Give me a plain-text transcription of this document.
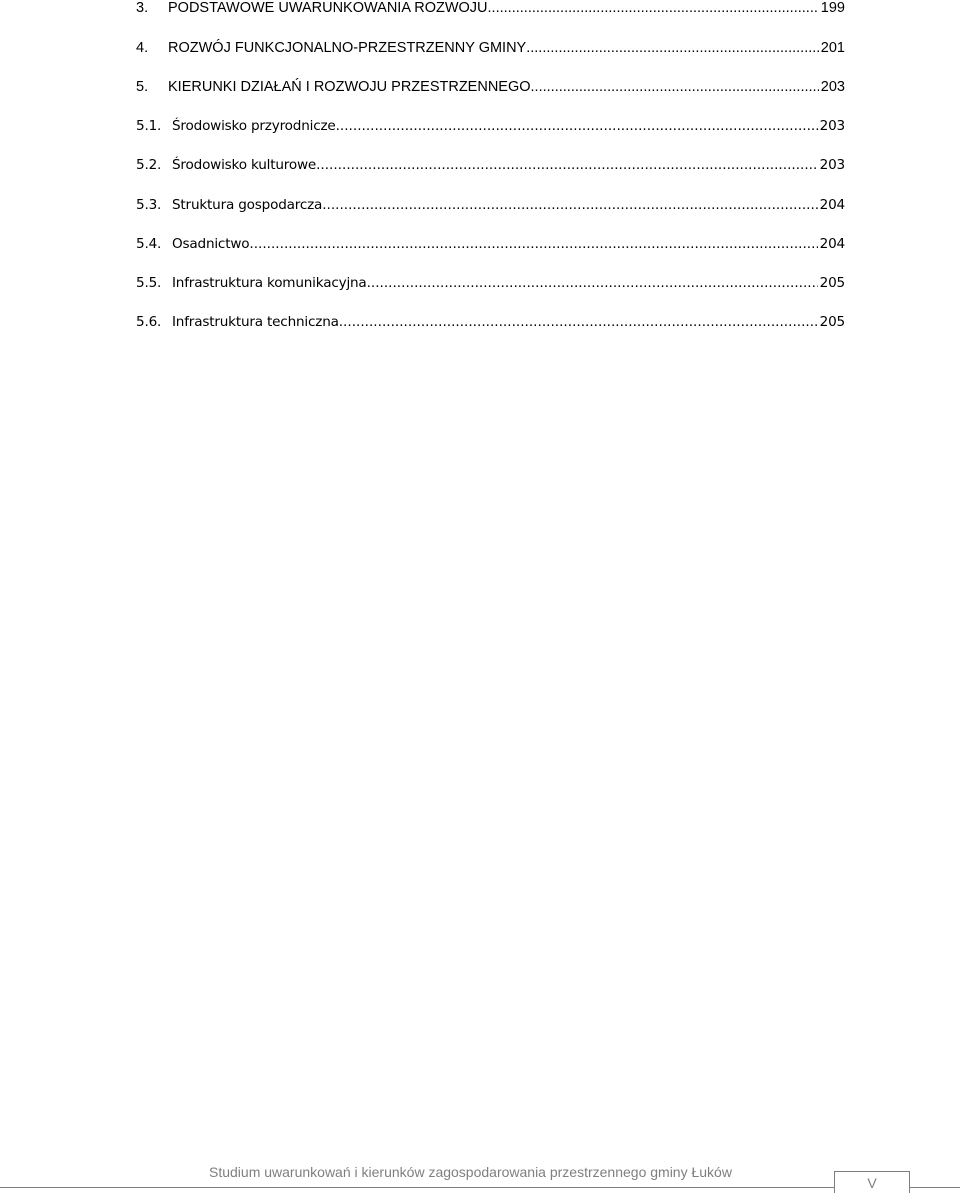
3.	PODSTAWOWE UWARUNKOWANIA ROZWOJU .....	199
4.	ROZWÓJ FUNKCJONALNO-PRZESTRZENNY GMINY .....	201
5.	KIERUNKI DZIAŁAŃ I ROZWOJU PRZESTRZENNEGO .....	203
5.1. Środowisko przyrodnicze .....	203
5.2. Środowisko kulturowe .....	203
5.3. Struktura gospodarcza .....	204
5.4. Osadnictwo .....	204
5.5. Infrastruktura komunikacyjna .....	205
5.6. Infrastruktura techniczna .....	205
Studium uwarunkowań i kierunków zagospodarowania przestrzennego gminy Łuków
V
